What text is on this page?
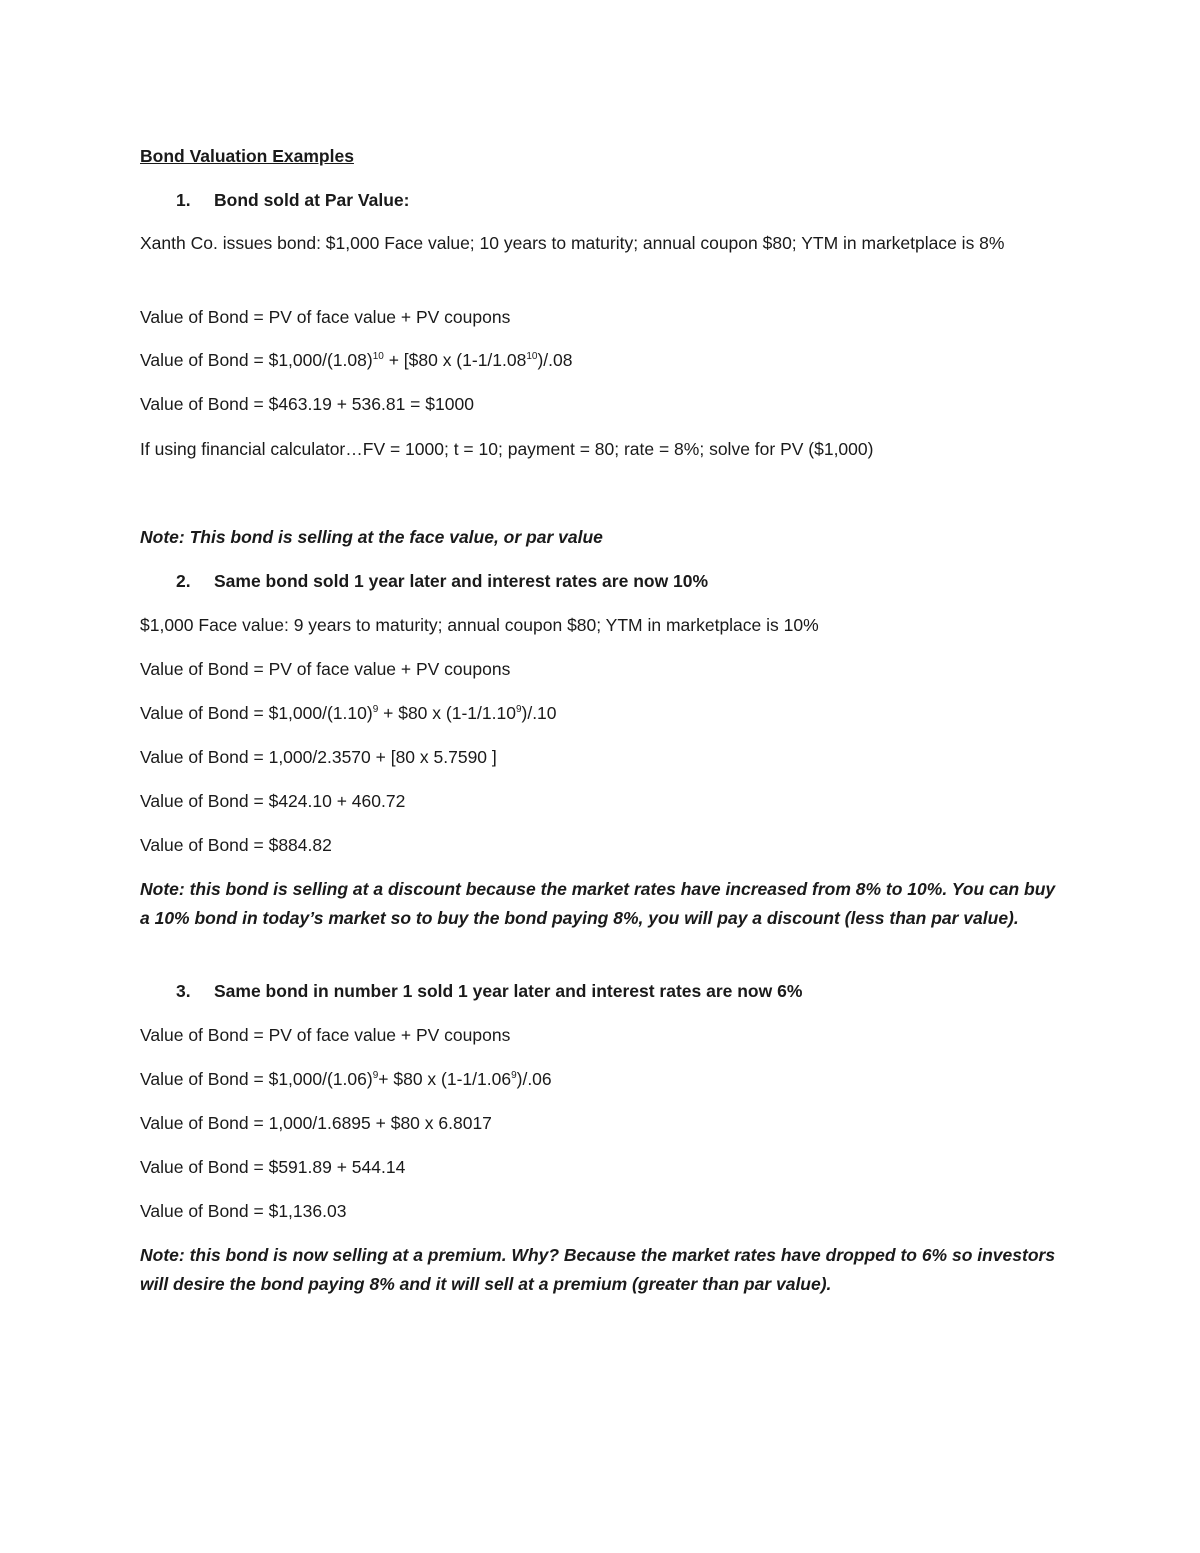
Bond Valuation Examples
1. Bond sold at Par Value:
Xanth Co. issues bond: $1,000 Face value; 10 years to maturity; annual coupon $80; YTM in marketplace is 8%
Value of Bond = PV of face value + PV coupons
Value of Bond = $\$1,000/(1.08)^{10}$ + [$80 x (1-1/1.08$^{10}$)/.08
Value of Bond = $463.19 + 536.81 = $1000
If using financial calculator…FV = 1000; t = 10; payment = 80; rate = 8%; solve for PV ($1,000)
Note: This bond is selling at the face value, or par value
2. Same bond sold 1 year later and interest rates are now 10%
$1,000 Face value: 9 years to maturity; annual coupon $80; YTM in marketplace is 10%
Value of Bond = PV of face value + PV coupons
Value of Bond = $\$1,000/(1.10)^9$ + $80 x (1-1/1.10$^9$)/.10
Value of Bond = 1,000/2.3570 + [80 x 5.7590 ]
Value of Bond = $424.10 + 460.72
Value of Bond = $884.82
Note: this bond is selling at a discount because the market rates have increased from 8% to 10%. You can buy a 10% bond in today’s market so to buy the bond paying 8%, you will pay a discount (less than par value).
3. Same bond in number 1 sold 1 year later and interest rates are now 6%
Value of Bond = PV of face value + PV coupons
Value of Bond = $\$1,000/(1.06)^9+$ $80 x (1-1/1.06$^9$)/.06
Value of Bond = 1,000/1.6895 + $80 x 6.8017
Value of Bond = $591.89 + 544.14
Value of Bond = $1,136.03
Note: this bond is now selling at a premium. Why? Because the market rates have dropped to 6% so investors will desire the bond paying 8% and it will sell at a premium (greater than par value).
